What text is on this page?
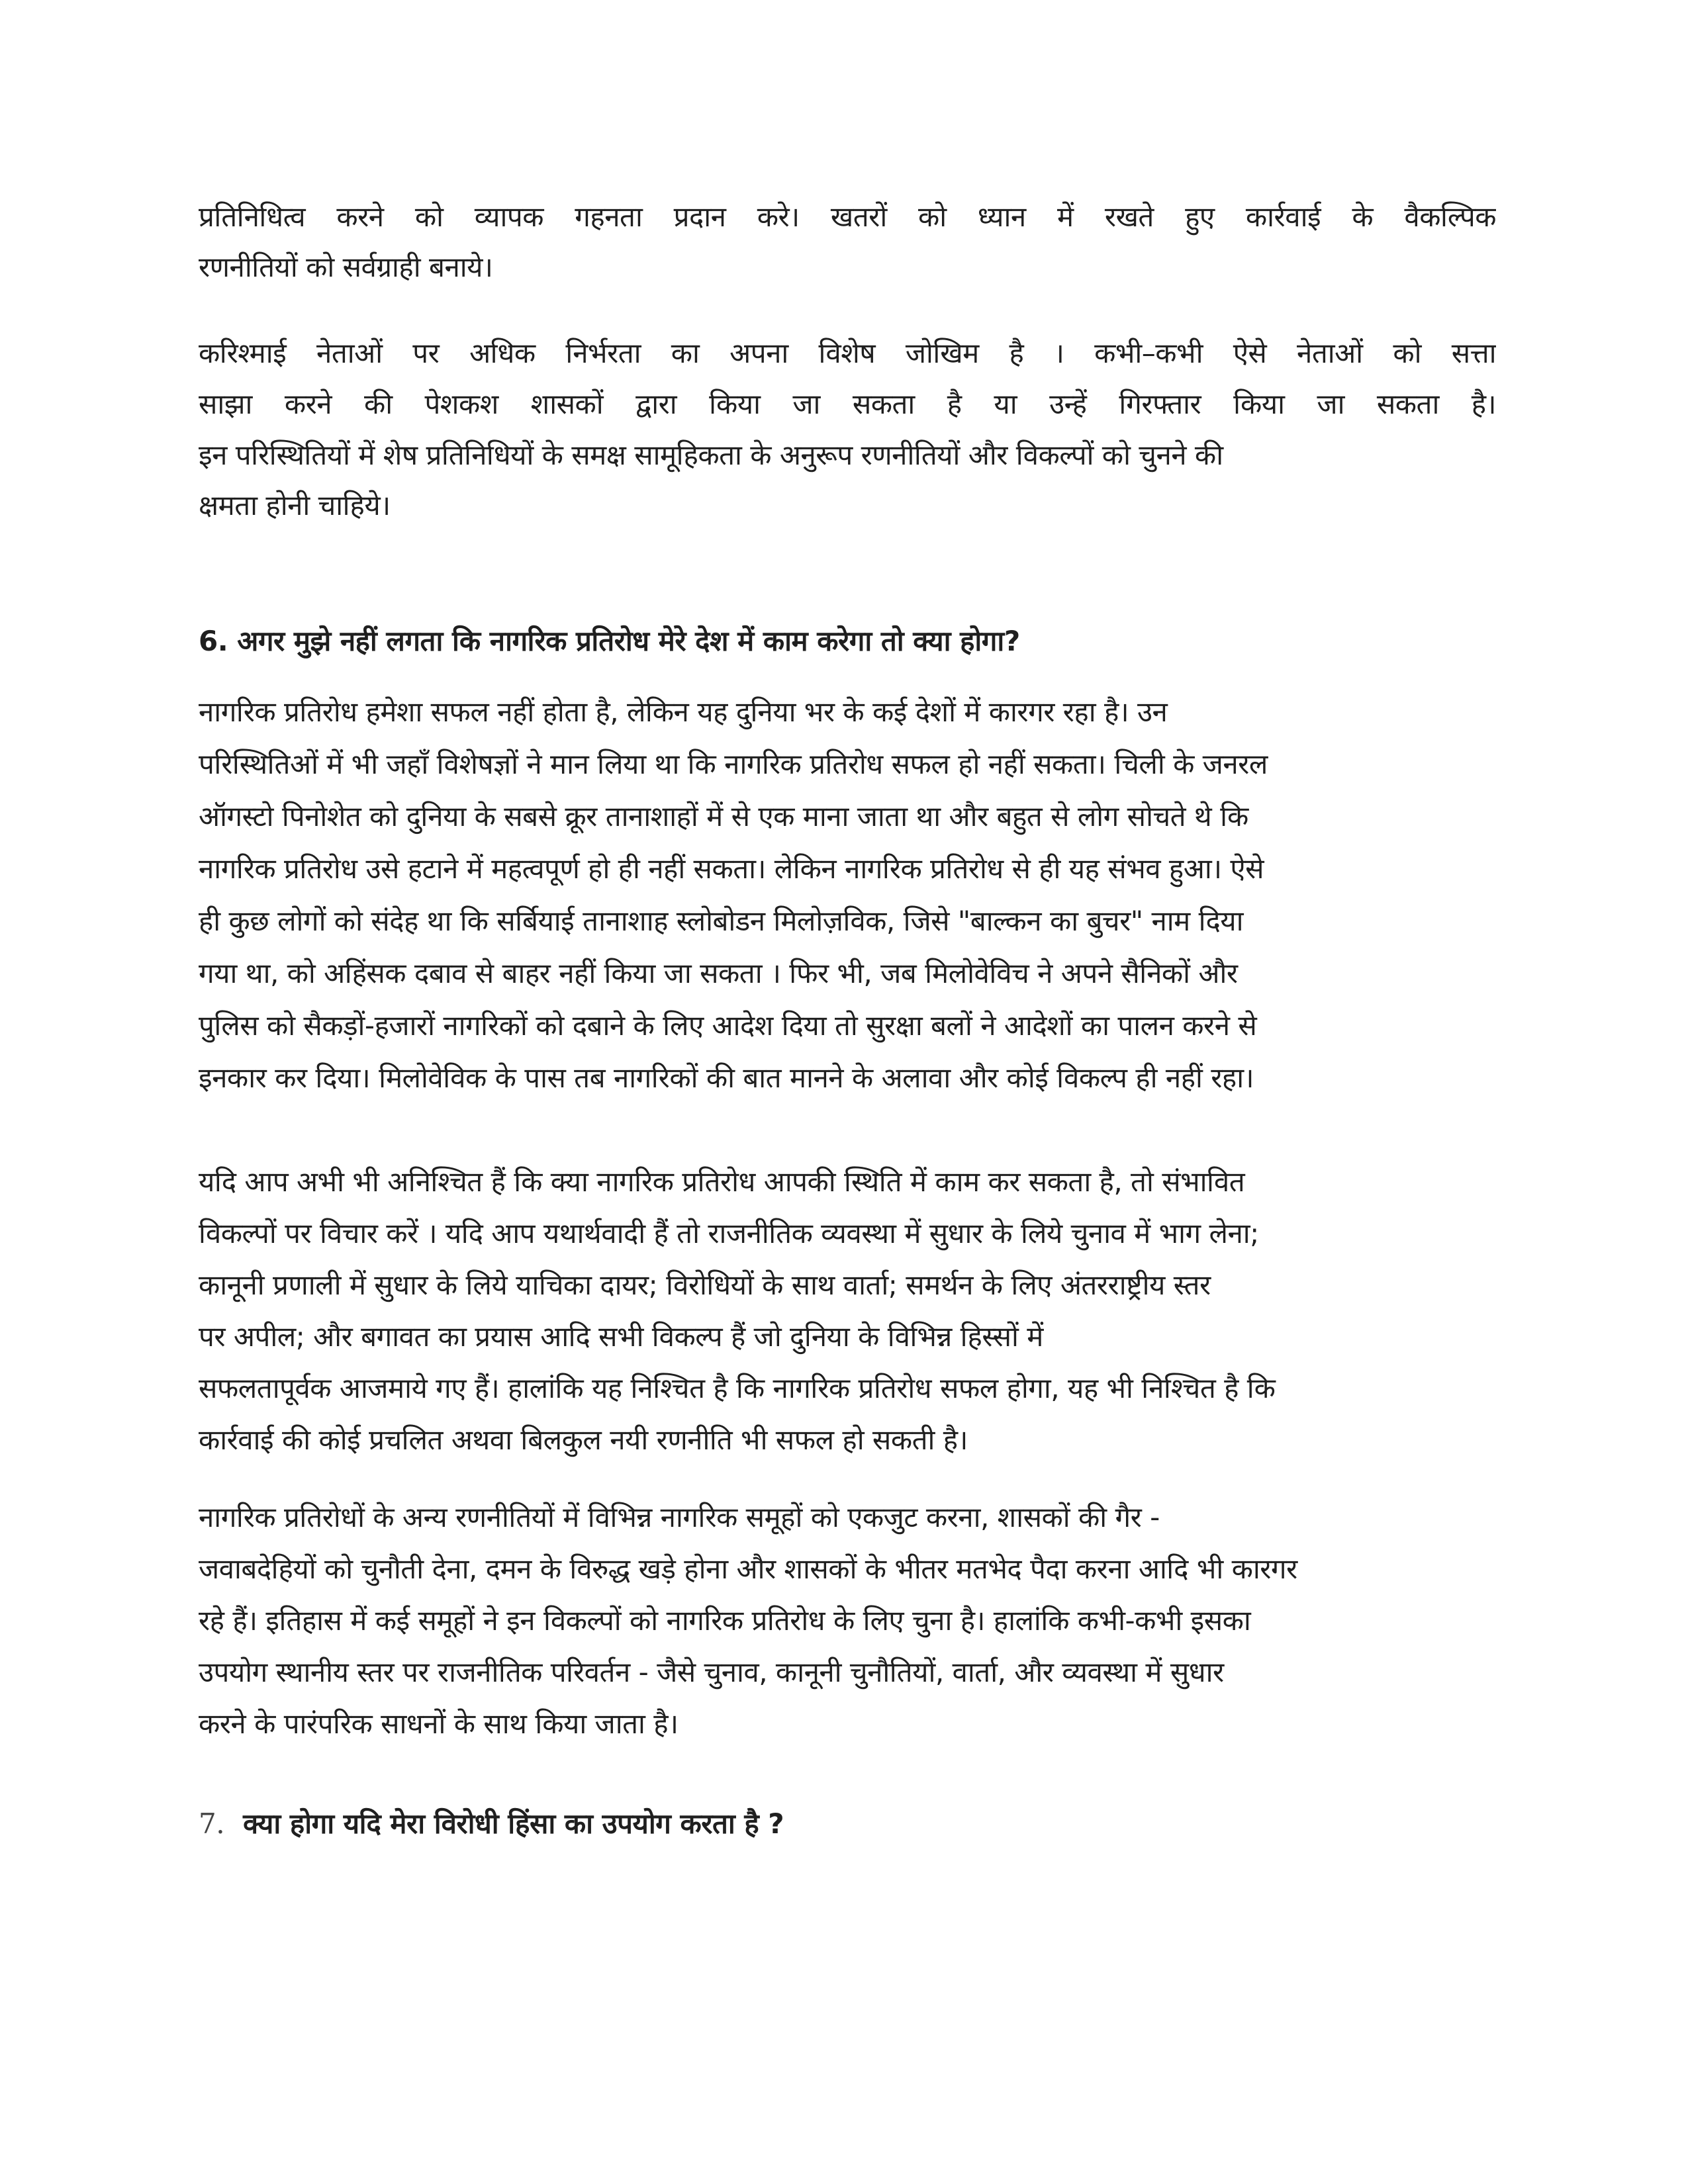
प्रतिनिधित्व करने को व्यापक गहनता प्रदान करे। खतरों को ध्यान में रखते हुए कार्रवाई के वैकल्पिक
रणनीतियों को सर्वग्राही बनाये।
करिश्माई नेताओं पर अधिक निर्भरता का अपना विशेष जोखिम है । कभी–कभी ऐसे नेताओं को सत्ता
साझा करने की पेशकश शासकों द्वारा किया जा सकता है या उन्हें गिरफ्तार किया जा सकता है।
इन परिस्थितियों में शेष प्रतिनिधियों के समक्ष सामूहिकता के अनुरूप रणनीतियों और विकल्पों को चुनने की
क्षमता होनी चाहिये।
6. अगर मुझे नहीं लगता कि नागरिक प्रतिरोध मेरे देश में काम करेगा तो क्या होगा?
नागरिक प्रतिरोध हमेशा सफल नहीं होता है, लेकिन यह दुनिया भर के कई देशों में कारगर रहा है। उन
परिस्थितिओं में भी जहाँ विशेषज्ञों ने मान लिया था कि नागरिक प्रतिरोध सफल हो नहीं सकता। चिली के जनरल
ऑगस्टो पिनोशेत को दुनिया के सबसे क्रूर तानाशाहों में से एक माना जाता था और बहुत से लोग सोचते थे कि
नागरिक प्रतिरोध उसे हटाने में महत्वपूर्ण हो ही नहीं सकता। लेकिन नागरिक प्रतिरोध से ही यह संभव हुआ। ऐसे
ही कुछ लोगों को संदेह था कि सर्बियाई तानाशाह स्लोबोडन मिलोज़विक, जिसे "बाल्कन का बुचर" नाम दिया
गया था, को अहिंसक दबाव से बाहर नहीं किया जा सकता । फिर भी, जब मिलोवेविच ने अपने सैनिकों और
पुलिस को सैकड़ों-हजारों नागरिकों को दबाने के लिए आदेश दिया तो सुरक्षा बलों ने आदेशों का पालन करने से
इनकार कर दिया। मिलोवेविक के पास तब नागरिकों की बात मानने के अलावा और कोई विकल्प ही नहीं रहा।
यदि आप अभी भी अनिश्चित हैं कि क्या नागरिक प्रतिरोध आपकी स्थिति में काम कर सकता है, तो संभावित
विकल्पों पर विचार करें । यदि आप यथार्थवादी हैं तो राजनीतिक व्यवस्था में सुधार के लिये चुनाव में भाग लेना;
कानूनी प्रणाली में सुधार के लिये याचिका दायर; विरोधियों के साथ वार्ता; समर्थन के लिए अंतरराष्ट्रीय स्तर
पर अपील; और बगावत का प्रयास आदि सभी विकल्प हैं जो दुनिया के विभिन्न हिस्सों में
सफलतापूर्वक आजमाये गए हैं। हालांकि यह निश्चित है कि नागरिक प्रतिरोध सफल होगा, यह भी निश्चित है कि
कार्रवाई की कोई प्रचलित अथवा बिलकुल नयी रणनीति भी सफल हो सकती है।
नागरिक प्रतिरोधों के अन्य रणनीतियों में विभिन्न नागरिक समूहों को एकजुट करना, शासकों की गैर -
जवाबदेहियों को चुनौती देना, दमन के विरुद्ध खड़े होना और शासकों के भीतर मतभेद पैदा करना आदि भी कारगर
रहे हैं। इतिहास में कई समूहों ने इन विकल्पों को नागरिक प्रतिरोध के लिए चुना है। हालांकि कभी-कभी इसका
उपयोग स्थानीय स्तर पर राजनीतिक परिवर्तन - जैसे चुनाव, कानूनी चुनौतियों, वार्ता, और व्यवस्था में सुधार
करने के पारंपरिक साधनों के साथ किया जाता है।
7. क्या होगा यदि मेरा विरोधी हिंसा का उपयोग करता है ?
